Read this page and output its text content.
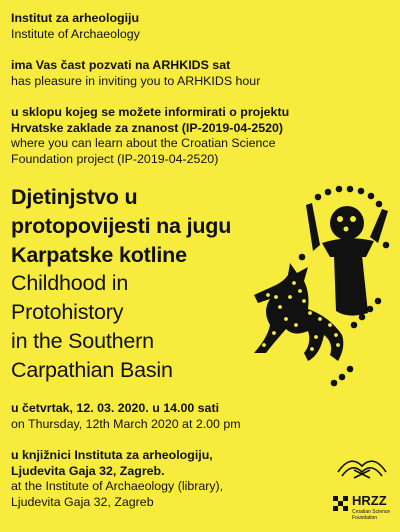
Institut za arheologiju
Institute of Archaeology
ima Vas čast pozvati na ARHKIDS sat
has pleasure in inviting you to ARHKIDS hour
u sklopu kojeg se možete informirati o projektu
Hrvatske zaklade za znanost (IP-2019-04-2520)
where you can learn about the Croatian Science
Foundation project (IP-2019-04-2520)
Djetinjstvo u
protopovijesti na jugu
Karpatske kotline
Childhood in
Protohistory
in the Southern
Carpathian Basin
u četvrtak, 12. 03. 2020. u 14.00 sati
on Thursday, 12th March 2020 at 2.00 pm
u knjižnici Instituta za arheologiju,
Ljudevita Gaja 32, Zagreb.
at the Institute of Archaeology (library),
Ljudevita Gaja 32, Zagreb	HRZZ
Croatian Science
Foundation
